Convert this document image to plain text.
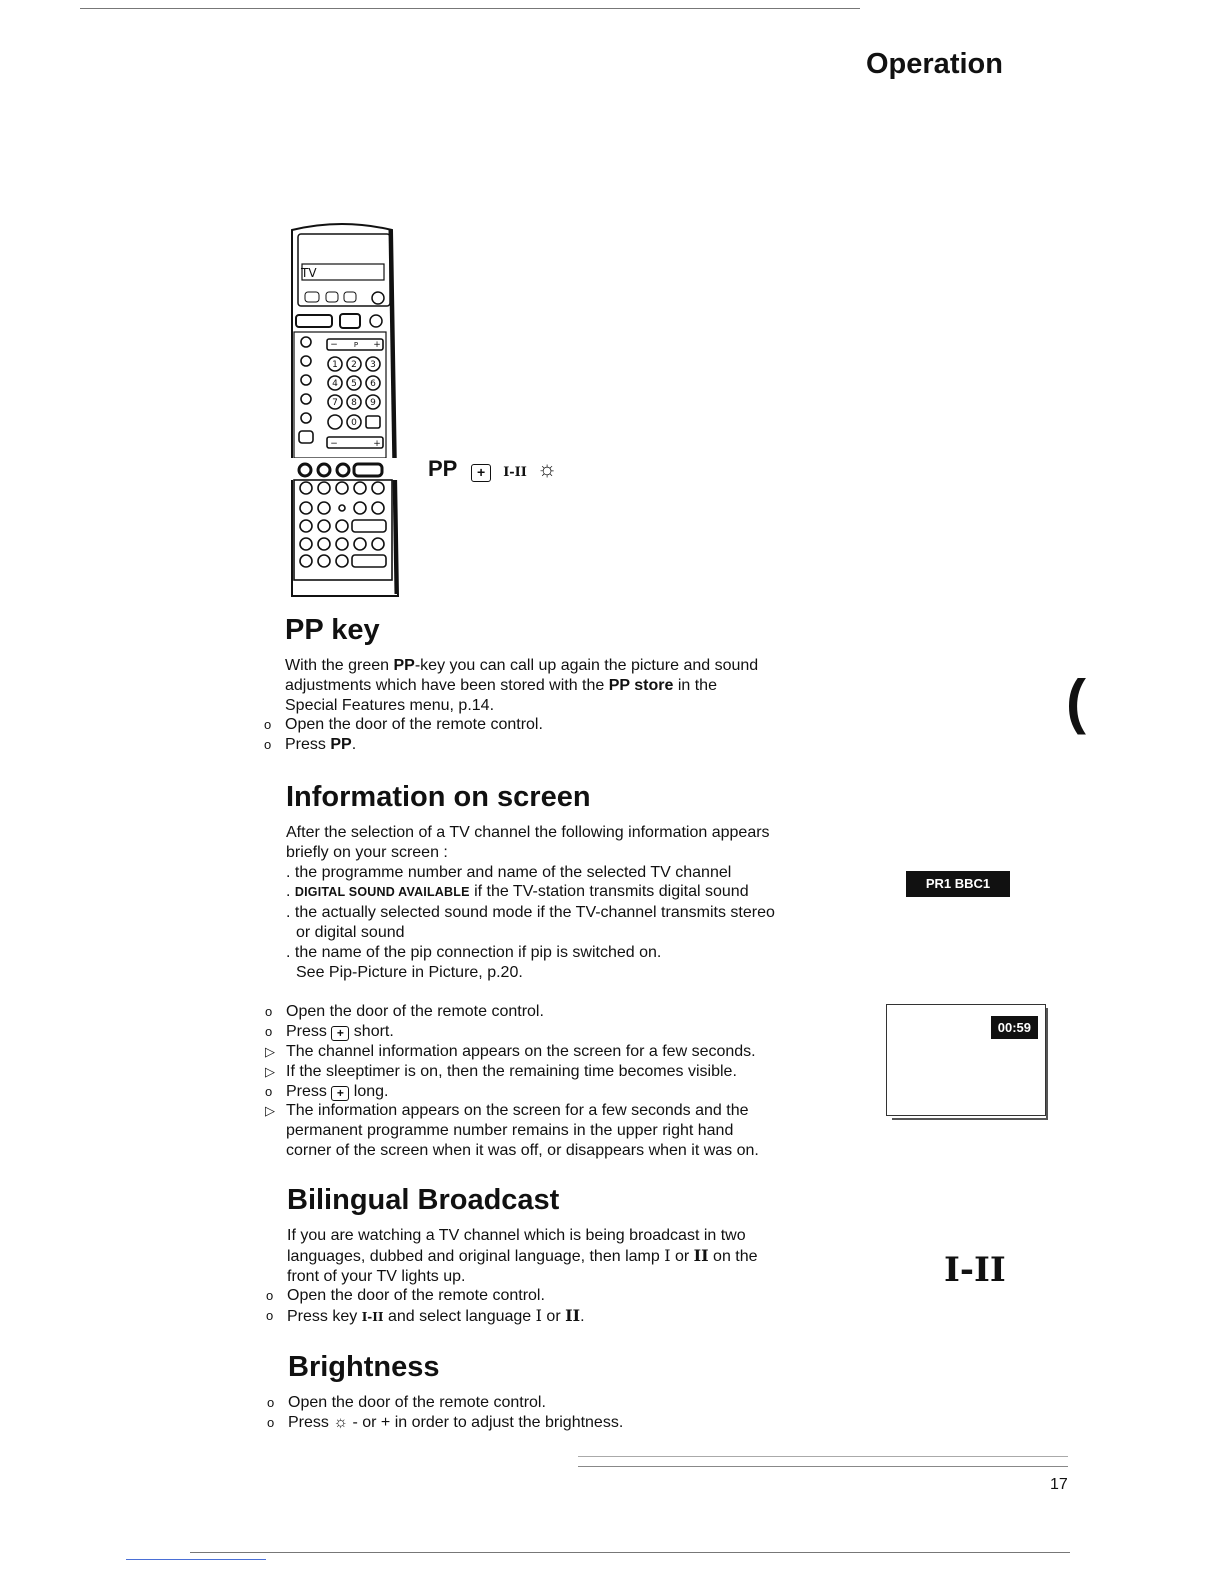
Operation
1 2 3
4 5 6
7 8 9
0
− P +
−	+
TV
PP + I-II ☼
PP key

With the green PP-key you can call up again the picture and sound

adjustments which have been stored with the PP store in the

Special Features menu, p.14.

o Open the door of the remote control.
o Press PP.
Information on screen

After the selection of a TV channel the following information appears

briefly on your screen :

. the programme number and name of the selected TV channel

. DIGITAL SOUND AVAILABLE if the TV-station transmits digital sound

. the actually selected sound mode if the TV-channel transmits stereo

or digital sound

. the name of the pip connection if pip is switched on.

See Pip-Picture in Picture, p.20.

o Open the door of the remote control.
o Press + short.
▷ The channel information appears on the screen for a few seconds.
▷ If the sleeptimer is on, then the remaining time becomes visible.
o Press + long.
▷ The information appears on the screen for a few seconds and the
permanent programme number remains in the upper right hand
corner of the screen when it was off, or disappears when it was on.
PR1 BBC1
00:59
Bilingual Broadcast

If you are watching a TV channel which is being broadcast in two

languages, dubbed and original language, then lamp I or II on the

front of your TV lights up.

o Open the door of the remote control.
o Press key I-II and select language I or II.
I-II
Brightness
o Open the door of the remote control.
o Press ☼ - or + in order to adjust the brightness.
(
17
